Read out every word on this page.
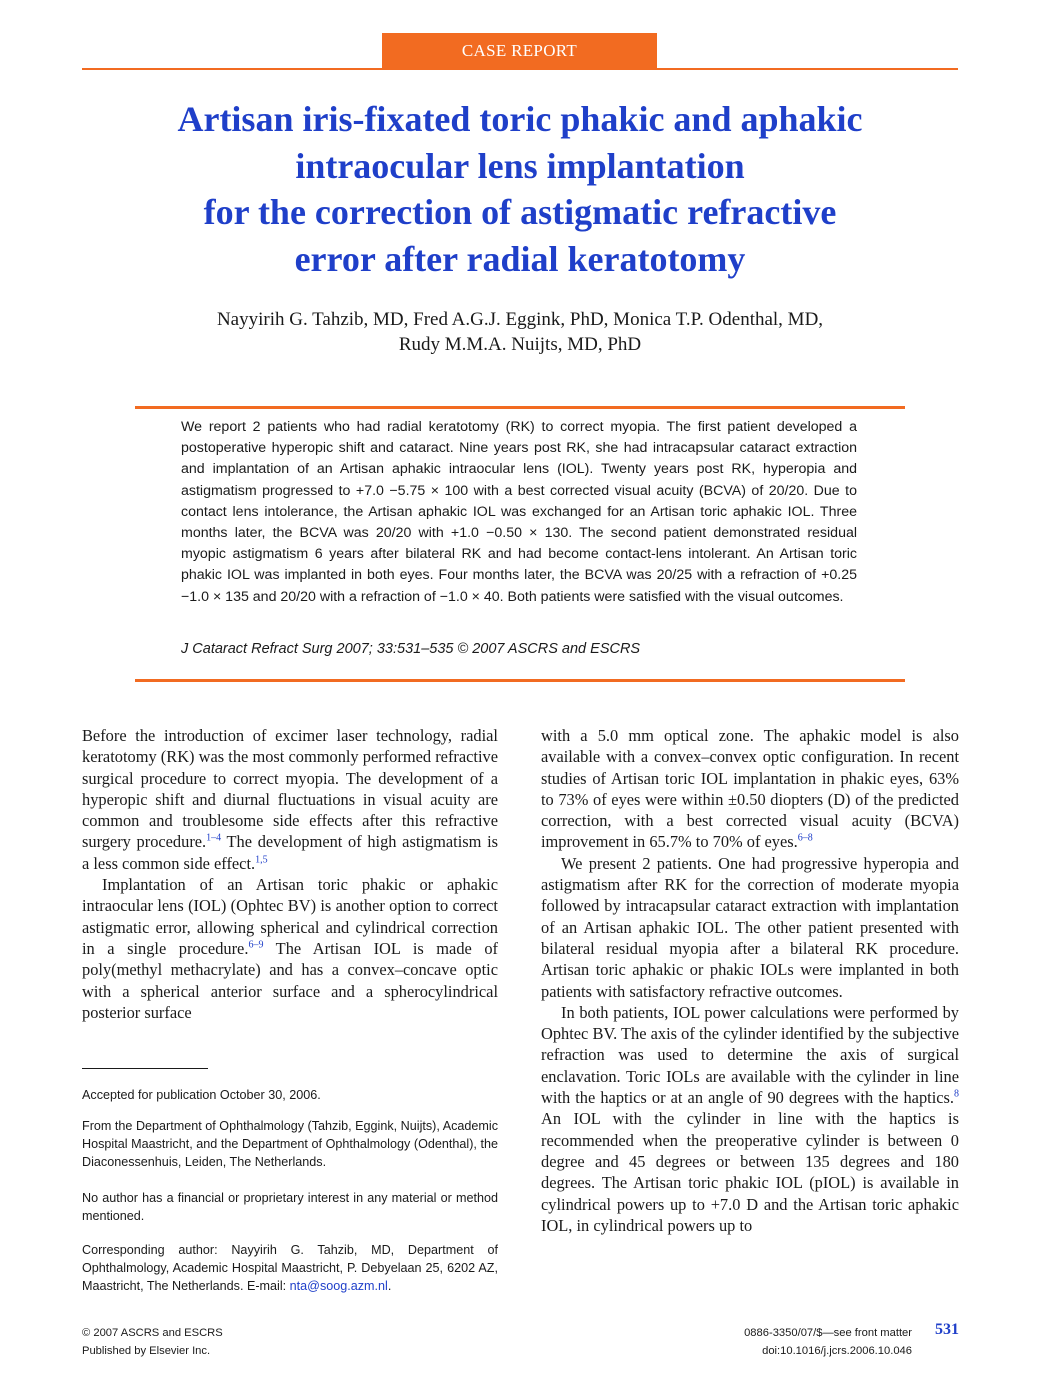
CASE REPORT
Artisan iris-fixated toric phakic and aphakic
intraocular lens implantation
for the correction of astigmatic refractive
error after radial keratotomy
Nayyirih G. Tahzib, MD, Fred A.G.J. Eggink, PhD, Monica T.P. Odenthal, MD,
Rudy M.M.A. Nuijts, MD, PhD

We report 2 patients who had radial keratotomy (RK) to correct myopia. The first patient developed a postoperative hyperopic shift and cataract. Nine years post RK, she had intracapsular cataract extraction and implantation of an Artisan aphakic intraocular lens (IOL). Twenty years post RK, hyperopia and astigmatism progressed to +7.0 −5.75 × 100 with a best corrected visual acuity (BCVA) of 20/20. Due to contact lens intolerance, the Artisan aphakic IOL was exchanged for an Artisan toric aphakic IOL. Three months later, the BCVA was 20/20 with +1.0 −0.50 × 130. The second patient demonstrated residual myopic astigmatism 6 years after bilateral RK and had become contact-lens intolerant. An Artisan toric phakic IOL was implanted in both eyes. Four months later, the BCVA was 20/25 with a refraction of +0.25 −1.0 × 135 and 20/20 with a refraction of −1.0 × 40. Both patients were satisfied with the visual outcomes.

J Cataract Refract Surg 2007; 33:531–535 © 2007 ASCRS and ESCRS

Before the introduction of excimer laser technology, radial keratotomy (RK) was the most commonly performed refractive surgical procedure to correct myopia. The development of a hyperopic shift and diurnal fluctuations in visual acuity are common and troublesome side effects after this refractive surgery procedure.$^{1-4}$ The development of high astigmatism is a less common side effect.$^{1,5}$

Implantation of an Artisan toric phakic or aphakic intraocular lens (IOL) (Ophtec BV) is another option to correct astigmatic error, allowing spherical and cylindrical correction in a single procedure.$^{6-9}$ The Artisan IOL is made of poly(methyl methacrylate) and has a convex–concave optic with a spherical anterior surface and a spherocylindrical posterior surface

Accepted for publication October 30, 2006.

From the Department of Ophthalmology (Tahzib, Eggink, Nuijts), Academic Hospital Maastricht, and the Department of Ophthalmology (Odenthal), the Diaconessenhuis, Leiden, The Netherlands.

No author has a financial or proprietary interest in any material or method mentioned.

Corresponding author: Nayyirih G. Tahzib, MD, Department of Ophthalmology, Academic Hospital Maastricht, P. Debyelaan 25, 6202 AZ, Maastricht, The Netherlands. E-mail: nta@soog.azm.nl.

with a 5.0 mm optical zone. The aphakic model is also available with a convex–convex optic configuration. In recent studies of Artisan toric IOL implantation in phakic eyes, 63% to 73% of eyes were within ±0.50 diopters (D) of the predicted correction, with a best corrected visual acuity (BCVA) improvement in 65.7% to 70% of eyes.$^{6-8}$

We present 2 patients. One had progressive hyperopia and astigmatism after RK for the correction of moderate myopia followed by intracapsular cataract extraction with implantation of an Artisan aphakic IOL. The other patient presented with bilateral residual myopia after a bilateral RK procedure. Artisan toric aphakic or phakic IOLs were implanted in both patients with satisfactory refractive outcomes.

In both patients, IOL power calculations were performed by Ophtec BV. The axis of the cylinder identified by the subjective refraction was used to determine the axis of surgical enclavation. Toric IOLs are available with the cylinder in line with the haptics or at an angle of 90 degrees with the haptics.$^8$ An IOL with the cylinder in line with the haptics is recommended when the preoperative cylinder is between 0 degree and 45 degrees or between 135 degrees and 180 degrees. The Artisan toric phakic IOL (pIOL) is available in cylindrical powers up to +7.0 D and the Artisan toric aphakic IOL, in cylindrical powers up to

© 2007 ASCRS and ESCRS
Published by Elsevier Inc.
0886-3350/07/$—see front matter
doi:10.1016/j.jcrs.2006.10.046
531
